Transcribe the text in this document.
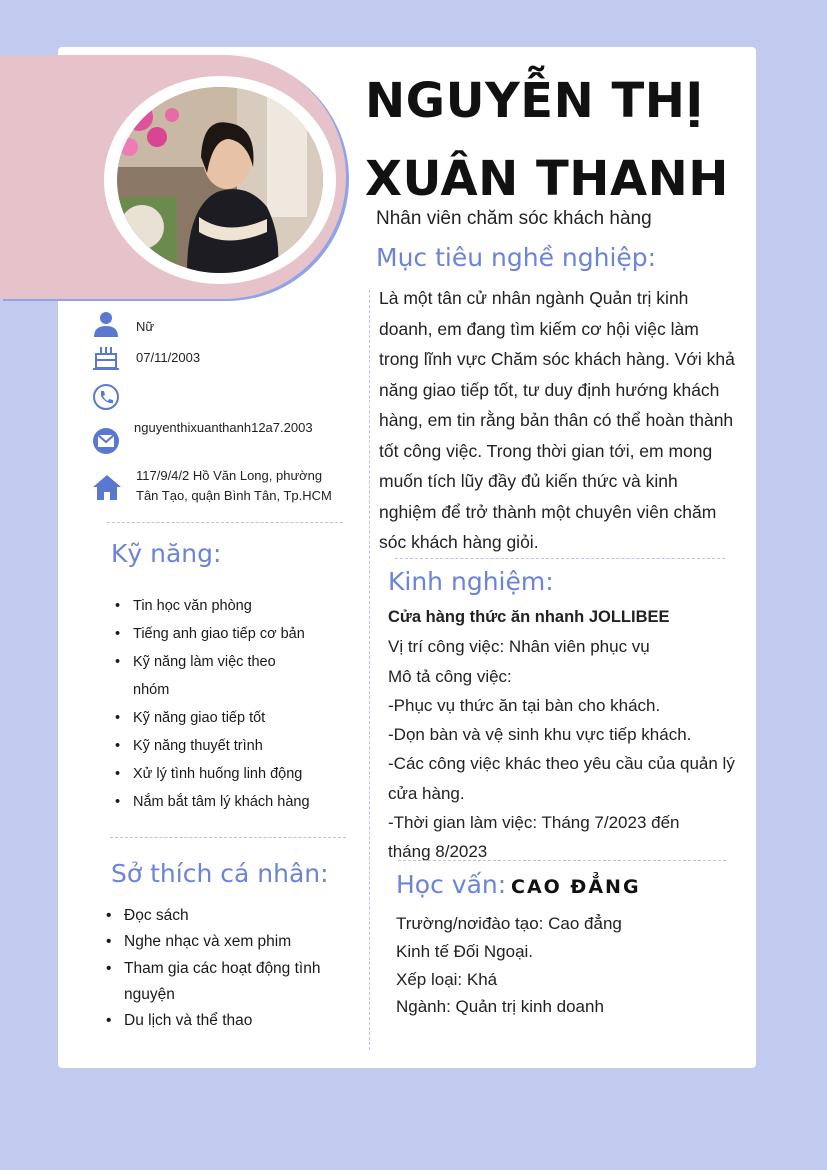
NGUYỄN THỊ
XUÂN THANH

Nhân viên chăm sóc khách hàng

Nữ
07/11/2003
nguyenthixuanthanh12a7.2003
117/9/4/2 Hồ Văn Long, phường
Tân Tạo, quận Bình Tân, Tp.HCM
Mục tiêu nghề nghiệp:

Là một tân cử nhân ngành Quản trị kinh doanh, em đang tìm kiếm cơ hội việc làm trong lĩnh vực Chăm sóc khách hàng. Với khả năng giao tiếp tốt, tư duy định hướng khách hàng, em tin rằng bản thân có thể hoàn thành tốt công việc. Trong thời gian tới, em mong muốn tích lũy đầy đủ kiến thức và kinh nghiệm để trở thành một chuyên viên chăm sóc khách hàng giỏi.

Kỹ năng:
• Tin học văn phòng
• Tiếng anh giao tiếp cơ bản
• Kỹ năng làm việc theo nhóm
• Kỹ năng giao tiếp tốt
• Kỹ năng thuyết trình
• Xử lý tình huống linh động
• Nắm bắt tâm lý khách hàng
Sở thích cá nhân:
• Đọc sách
• Nghe nhạc và xem phim
• Tham gia các hoạt động tình nguyện
• Du lịch và thể thao
Kinh nghiệm:
Cửa hàng thức ăn nhanh JOLLIBEE
Vị trí công việc: Nhân viên phục vụ
Mô tả công việc:
-Phục vụ thức ăn tại bàn cho khách.
-Dọn bàn và vệ sinh khu vực tiếp khách.
-Các công việc khác theo yêu cầu của quản lý cửa hàng.
-Thời gian làm việc: Tháng 7/2023 đến tháng 8/2023
Học vấn: CAO ĐẲNG
Trường/nơiđào tạo: Cao đẳng Kinh tế Đối Ngoại.
Xếp loại: Khá
Ngành: Quản trị kinh doanh
